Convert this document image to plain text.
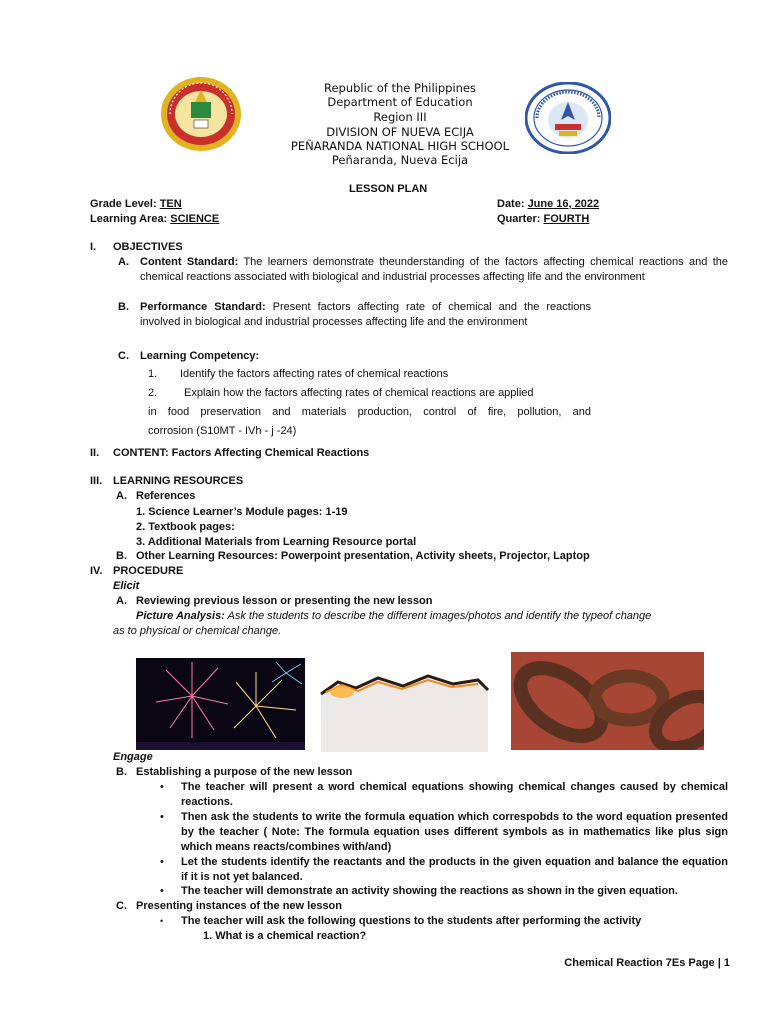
Republic of the Philippines
Department of Education
Region III
DIVISION OF NUEVA ECIJA
PEÑARANDA NATIONAL HIGH SCHOOL
Peñaranda, Nueva Ecija
LESSON PLAN
Grade Level: TEN
Learning Area: SCIENCE
Date: June 16, 2022
Quarter: FOURTH
I. OBJECTIVES
A. Content Standard: The learners demonstrate theunderstanding of the factors affecting chemical reactions and the chemical reactions associated with biological and industrial processes affecting life and the environment
B. Performance Standard: Present factors affecting rate of chemical and the reactions involved in biological and industrial processes affecting life and the environment
C. Learning Competency:
1. Identify the factors affecting rates of chemical reactions
2. Explain how the factors affecting rates of chemical reactions are applied
in food preservation and materials production, control of fire, pollution, and
corrosion (S10MT - IVh - j -24)
II. CONTENT: Factors Affecting Chemical Reactions
III. LEARNING RESOURCES
A. References
1. Science Learner’s Module pages: 1-19
2. Textbook pages:
3. Additional Materials from Learning Resource portal
B. Other Learning Resources: Powerpoint presentation, Activity sheets, Projector, Laptop
IV. PROCEDURE
Elicit
A. Reviewing previous lesson or presenting the new lesson
Picture Analysis: Ask the students to describe the different images/photos and identify the typeof change
as to physical or chemical change.
Engage
B. Establishing a purpose of the new lesson
• The teacher will present a word chemical equations showing chemical changes caused by chemical reactions.
• Then ask the students to write the formula equation which correspobds to the word equation presented by the teacher ( Note: The formula equation uses different symbols as in mathematics like plus sign which means reacts/combines with/and)
• Let the students identify the reactants and the products in the given equation and balance the equation if it is not yet balanced.
• The teacher will demonstrate an activity showing the reactions as shown in the given equation.
C. Presenting instances of the new lesson
• The teacher will ask the following questions to the students after performing the activity
1. What is a chemical reaction?
Chemical Reaction 7Es Page | 1
